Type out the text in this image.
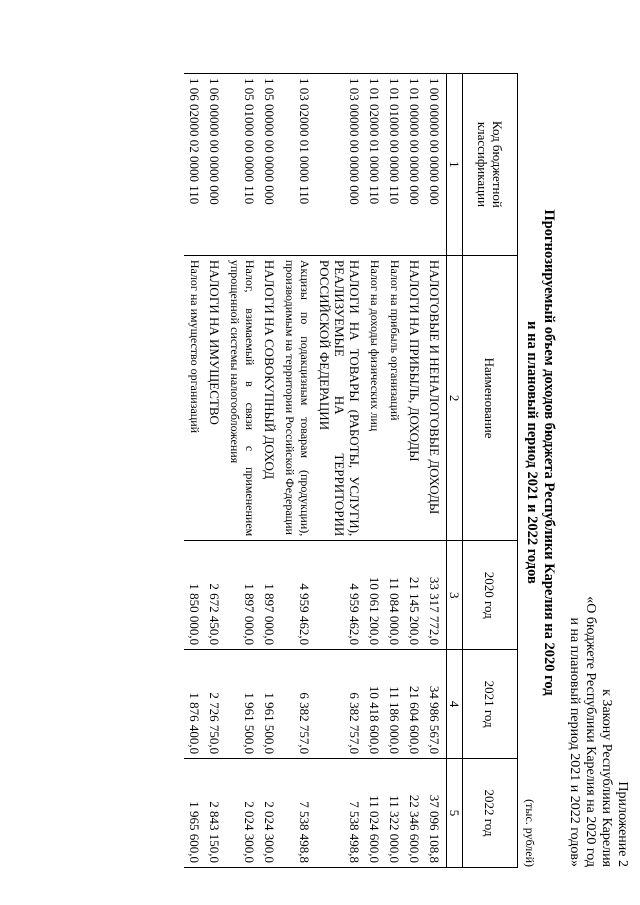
Приложение 2
к Закону Республики Карелия
«О бюджете Республики Карелия на 2020 год
и на плановый период 2021 и 2022 годов»
Прогнозируемый объем доходов бюджета Республики Карелия на 2020 год
и на плановый период 2021 и 2022 годов
(тыс. рублей)
Код бюджетной классификации	Наименование	2020 год	2021 год	2022 год
1	2	3	4	5
1 00 00000 00 0000 000	НАЛОГОВЫЕ И НЕНАЛОГОВЫЕ ДОХОДЫ	33 317 772,0	34 986 567,0	37 096 108,8
1 01 00000 00 0000 000	НАЛОГИ НА ПРИБЫЛЬ, ДОХОДЫ	21 145 200,0	21 604 600,0	22 346 600,0
1 01 01000 00 0000 110	Налог на прибыль организаций	11 084 000,0	11 186 000,0	11 322 000,0
1 01 02000 01 0000 110	Налог на доходы физических лиц	10 061 200,0	10 418 600,0	11 024 600,0
1 03 00000 00 0000 000	НАЛОГИ НА ТОВАРЫ (РАБОТЫ, УСЛУГИ), РЕАЛИЗУЕМЫЕ НА ТЕРРИТОРИИ РОССИЙСКОЙ ФЕДЕРАЦИИ	4 959 462,0	6 382 757,0	7 538 498,8
1 03 02000 01 0000 110	Акцизы по подакцизным товарам (продукции), производимым на территории Российской Федерации	4 959 462,0	6 382 757,0	7 538 498,8
1 05 00000 00 0000 000	НАЛОГИ НА СОВОКУПНЫЙ ДОХОД	1 897 000,0	1 961 500,0	2 024 300,0
1 05 01000 00 0000 110	Налог, взимаемый в связи с применением упрощенной системы налогообложения	1 897 000,0	1 961 500,0	2 024 300,0
1 06 00000 00 0000 000	НАЛОГИ НА ИМУЩЕСТВО	2 672 450,0	2 726 750,0	2 843 150,0
1 06 02000 02 0000 110	Налог на имущество организаций	1 850 000,0	1 876 400,0	1 965 600,0
